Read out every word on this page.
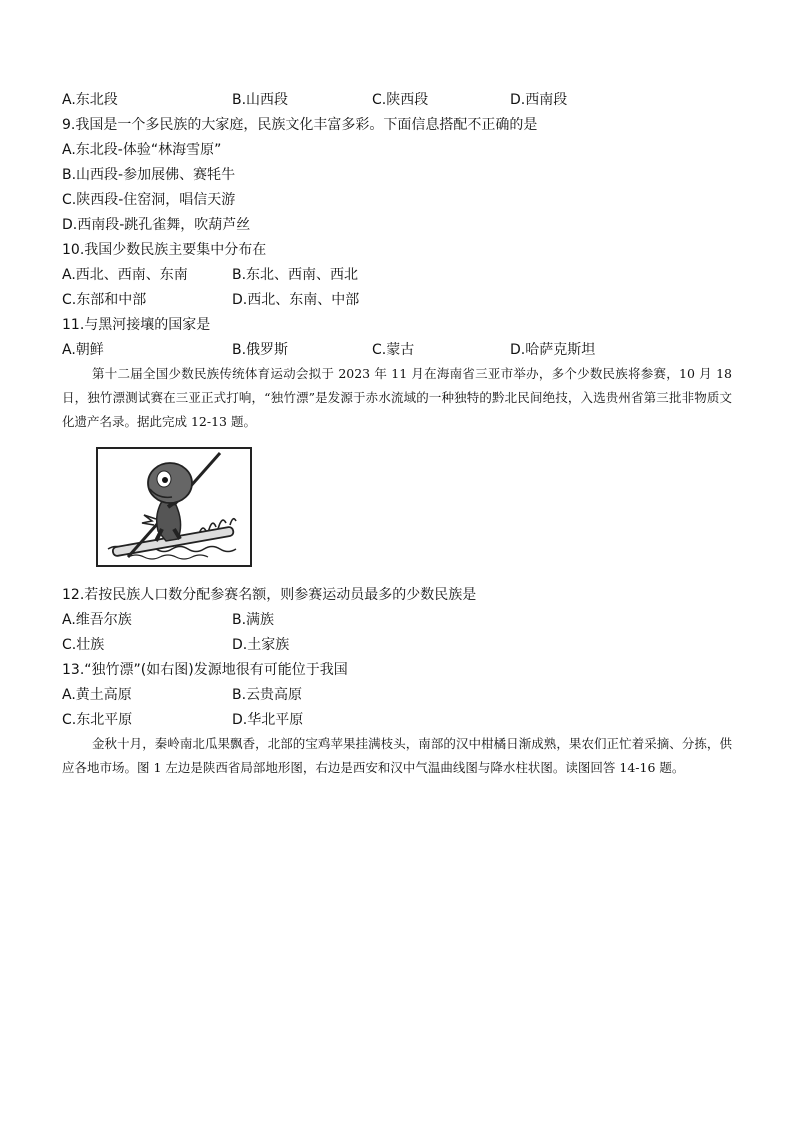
A.东北段	B.山西段	C.陕西段	D.西南段
9.我国是一个多民族的大家庭，民族文化丰富多彩。下面信息搭配不正确的是
A.东北段-体验“林海雪原”
B.山西段-参加展佛、赛牦牛
C.陕西段-住窑洞，唱信天游
D.西南段-跳孔雀舞，吹葫芦丝
10.我国少数民族主要集中分布在
A.西北、西南、东南	B.东北、西南、西北
C.东部和中部	D.西北、东南、中部
11.与黑河接壤的国家是
A.朝鲜	B.俄罗斯	C.蒙古	D.哈萨克斯坦
第十二届全国少数民族传统体育运动会拟于 2023 年 11 月在海南省三亚市举办，多个少数民族将参赛，10 月 18 日，独竹漂测试赛在三亚正式打响，“独竹漂”是发源于赤水流域的一种独特的黔北民间绝技，入选贵州省第三批非物质文化遗产名录。据此完成 12-13 题。
12.若按民族人口数分配参赛名额，则参赛运动员最多的少数民族是
A.维吾尔族	B.满族
C.壮族	D.土家族
13.“独竹漂”(如右图)发源地很有可能位于我国
A.黄土高原	B.云贵高原
C.东北平原	D.华北平原
金秋十月，秦岭南北瓜果飘香，北部的宝鸡苹果挂满枝头，南部的汉中柑橘日渐成熟，果农们正忙着采摘、分拣，供应各地市场。图 1 左边是陕西省局部地形图，右边是西安和汉中气温曲线图与降水柱状图。读图回答 14-16 题。
